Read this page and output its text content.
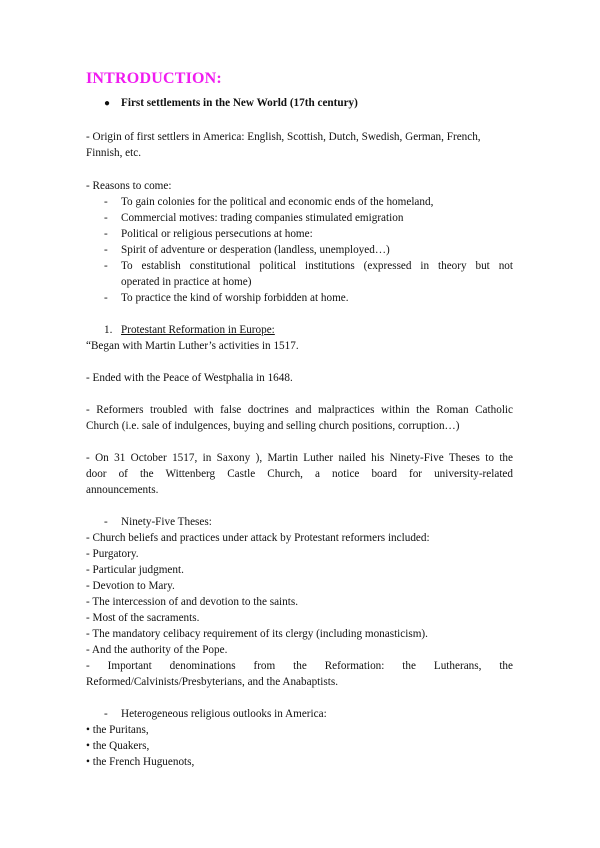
INTRODUCTION:
● First settlements in the New World (17th century)
- Origin of first settlers in America: English, Scottish, Dutch, Swedish, German, French,
Finnish, etc.
- Reasons to come:
- To gain colonies for the political and economic ends of the homeland,
- Commercial motives: trading companies stimulated emigration
- Political or religious persecutions at home:
- Spirit of adventure or desperation (landless, unemployed…)
- To establish constitutional political institutions (expressed in theory but not
operated in practice at home)
- To practice the kind of worship forbidden at home.
1. Protestant Reformation in Europe:
“Began with Martin Luther’s activities in 1517.
- Ended with the Peace of Westphalia in 1648.
- Reformers troubled with false doctrines and malpractices within the Roman Catholic
Church (i.e. sale of indulgences, buying and selling church positions, corruption…)
- On 31 October 1517, in Saxony ), Martin Luther nailed his Ninety-Five Theses to the
door of the Wittenberg Castle Church, a notice board for university-related
announcements.
- Ninety-Five Theses:
- Church beliefs and practices under attack by Protestant reformers included:
- Purgatory.
- Particular judgment.
- Devotion to Mary.
- The intercession of and devotion to the saints.
- Most of the sacraments.
- The mandatory celibacy requirement of its clergy (including monasticism).
- And the authority of the Pope.
- Important denominations from the Reformation: the Lutherans, the
Reformed/Calvinists/Presbyterians, and the Anabaptists.
- Heterogeneous religious outlooks in America:
• the Puritans,
• the Quakers,
• the French Huguenots,
